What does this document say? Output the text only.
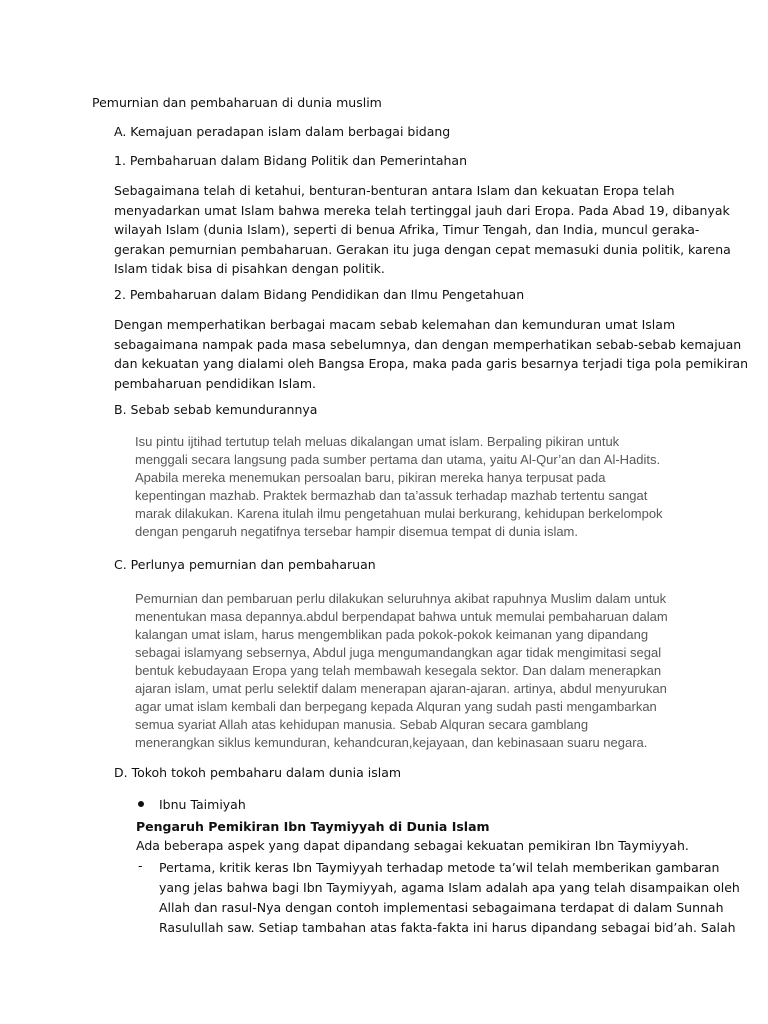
Pemurnian dan pembaharuan di dunia muslim
A. Kemajuan peradapan islam dalam berbagai bidang
1. Pembaharuan dalam Bidang Politik dan Pemerintahan
Sebagaimana telah di ketahui, benturan-benturan antara Islam dan kekuatan Eropa telah
menyadarkan umat Islam bahwa mereka telah tertinggal jauh dari Eropa. Pada Abad 19, dibanyak
wilayah Islam (dunia Islam), seperti di benua Afrika, Timur Tengah, dan India, muncul geraka-
gerakan pemurnian pembaharuan. Gerakan itu juga dengan cepat memasuki dunia politik, karena
Islam tidak bisa di pisahkan dengan politik.
2. Pembaharuan dalam Bidang Pendidikan dan Ilmu Pengetahuan
Dengan memperhatikan berbagai macam sebab kelemahan dan kemunduran umat Islam
sebagaimana nampak pada masa sebelumnya, dan dengan memperhatikan sebab-sebab kemajuan
dan kekuatan yang dialami oleh Bangsa Eropa, maka pada garis besarnya terjadi tiga pola pemikiran
pembaharuan pendidikan Islam.
B. Sebab sebab kemundurannya
Isu pintu ijtihad tertutup telah meluas dikalangan umat islam. Berpaling pikiran untuk
menggali secara langsung pada sumber pertama dan utama, yaitu Al-Qur’an dan Al-Hadits.
Apabila mereka menemukan persoalan baru, pikiran mereka hanya terpusat pada
kepentingan mazhab. Praktek bermazhab dan ta’assuk terhadap mazhab tertentu sangat
marak dilakukan. Karena itulah ilmu pengetahuan mulai berkurang, kehidupan berkelompok
dengan pengaruh negatifnya tersebar hampir disemua tempat di dunia islam.
C. Perlunya pemurnian dan pembaharuan
Pemurnian dan pembaruan perlu dilakukan seluruhnya akibat rapuhnya Muslim dalam untuk
menentukan masa depannya.abdul berpendapat bahwa untuk memulai pembaharuan dalam
kalangan umat islam, harus mengemblikan pada pokok-pokok keimanan yang dipandang
sebagai islamyang sebsernya, Abdul juga mengumandangkan agar tidak mengimitasi segal
bentuk kebudayaan Eropa yang telah membawah kesegala sektor. Dan dalam menerapkan
ajaran islam, umat perlu selektif dalam menerapan ajaran-ajaran. artinya, abdul menyurukan
agar umat islam kembali dan berpegang kepada Alquran yang sudah pasti mengambarkan
semua syariat Allah atas kehidupan manusia. Sebab Alquran secara gamblang
menerangkan siklus kemunduran, kehandcuran,kejayaan, dan kebinasaan suaru negara.
D. Tokoh tokoh pembaharu dalam dunia islam
Ibnu Taimiyah
Pengaruh Pemikiran Ibn Taymiyyah di Dunia Islam
Ada beberapa aspek yang dapat dipandang sebagai kekuatan pemikiran Ibn Taymiyyah.
- Pertama, kritik keras Ibn Taymiyyah terhadap metode ta’wil telah memberikan gambaran
yang jelas bahwa bagi Ibn Taymiyyah, agama Islam adalah apa yang telah disampaikan oleh
Allah dan rasul-Nya dengan contoh implementasi sebagaimana terdapat di dalam Sunnah
Rasulullah saw. Setiap tambahan atas fakta-fakta ini harus dipandang sebagai bid’ah. Salah
